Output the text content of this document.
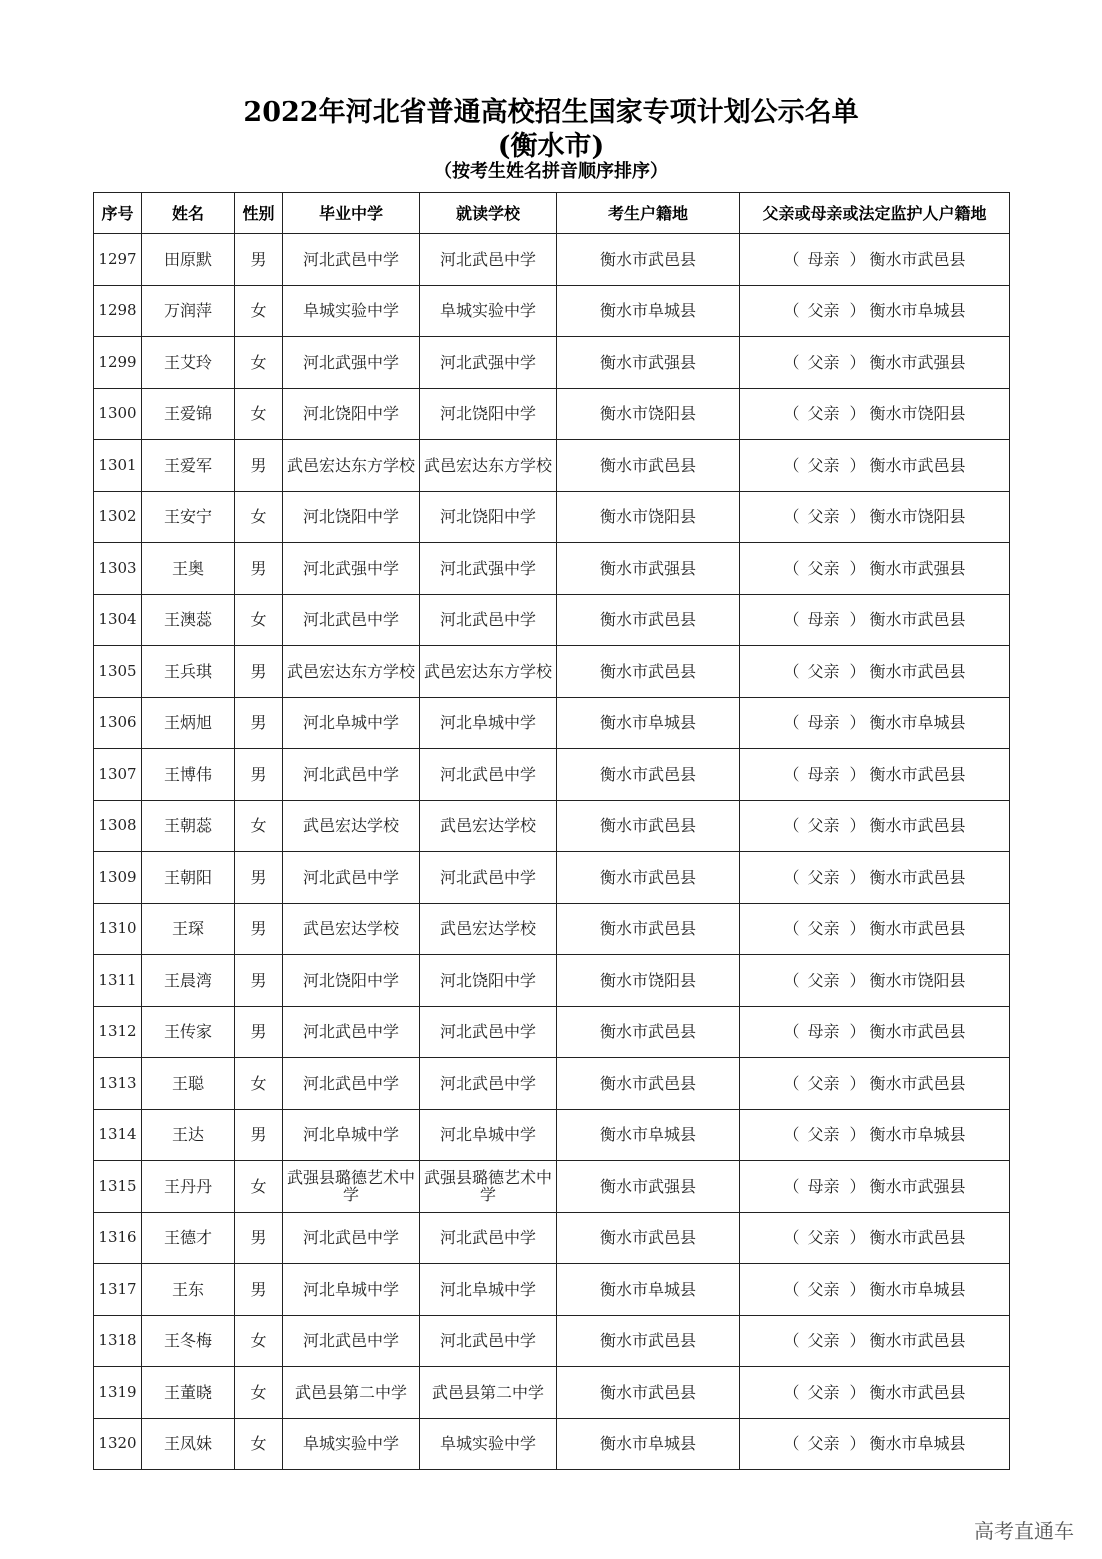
2022年河北省普通高校招生国家专项计划公示名单
(衡水市)
（按考生姓名拼音顺序排序）
序号	姓名	性别	毕业中学	就读学校	考生户籍地	父亲或母亲或法定监护人户籍地
1297	田原默	男	河北武邑中学	河北武邑中学	衡水市武邑县	（ 母亲 ） 衡水市武邑县
1298	万润萍	女	阜城实验中学	阜城实验中学	衡水市阜城县	（ 父亲 ） 衡水市阜城县
1299	王艾玲	女	河北武强中学	河北武强中学	衡水市武强县	（ 父亲 ） 衡水市武强县
1300	王爱锦	女	河北饶阳中学	河北饶阳中学	衡水市饶阳县	（ 父亲 ） 衡水市饶阳县
1301	王爱军	男	武邑宏达东方学校	武邑宏达东方学校	衡水市武邑县	（ 父亲 ） 衡水市武邑县
1302	王安宁	女	河北饶阳中学	河北饶阳中学	衡水市饶阳县	（ 父亲 ） 衡水市饶阳县
1303	王奥	男	河北武强中学	河北武强中学	衡水市武强县	（ 父亲 ） 衡水市武强县
1304	王澳蕊	女	河北武邑中学	河北武邑中学	衡水市武邑县	（ 母亲 ） 衡水市武邑县
1305	王兵琪	男	武邑宏达东方学校	武邑宏达东方学校	衡水市武邑县	（ 父亲 ） 衡水市武邑县
1306	王炳旭	男	河北阜城中学	河北阜城中学	衡水市阜城县	（ 母亲 ） 衡水市阜城县
1307	王博伟	男	河北武邑中学	河北武邑中学	衡水市武邑县	（ 母亲 ） 衡水市武邑县
1308	王朝蕊	女	武邑宏达学校	武邑宏达学校	衡水市武邑县	（ 父亲 ） 衡水市武邑县
1309	王朝阳	男	河北武邑中学	河北武邑中学	衡水市武邑县	（ 父亲 ） 衡水市武邑县
1310	王琛	男	武邑宏达学校	武邑宏达学校	衡水市武邑县	（ 父亲 ） 衡水市武邑县
1311	王晨湾	男	河北饶阳中学	河北饶阳中学	衡水市饶阳县	（ 父亲 ） 衡水市饶阳县
1312	王传家	男	河北武邑中学	河北武邑中学	衡水市武邑县	（ 母亲 ） 衡水市武邑县
1313	王聪	女	河北武邑中学	河北武邑中学	衡水市武邑县	（ 父亲 ） 衡水市武邑县
1314	王达	男	河北阜城中学	河北阜城中学	衡水市阜城县	（ 父亲 ） 衡水市阜城县
1315	王丹丹	女	武强县璐德艺术中学	武强县璐德艺术中学	衡水市武强县	（ 母亲 ） 衡水市武强县
1316	王德才	男	河北武邑中学	河北武邑中学	衡水市武邑县	（ 父亲 ） 衡水市武邑县
1317	王东	男	河北阜城中学	河北阜城中学	衡水市阜城县	（ 父亲 ） 衡水市阜城县
1318	王冬梅	女	河北武邑中学	河北武邑中学	衡水市武邑县	（ 父亲 ） 衡水市武邑县
1319	王董晓	女	武邑县第二中学	武邑县第二中学	衡水市武邑县	（ 父亲 ） 衡水市武邑县
1320	王凤妹	女	阜城实验中学	阜城实验中学	衡水市阜城县	（ 父亲 ） 衡水市阜城县
高考直通车
